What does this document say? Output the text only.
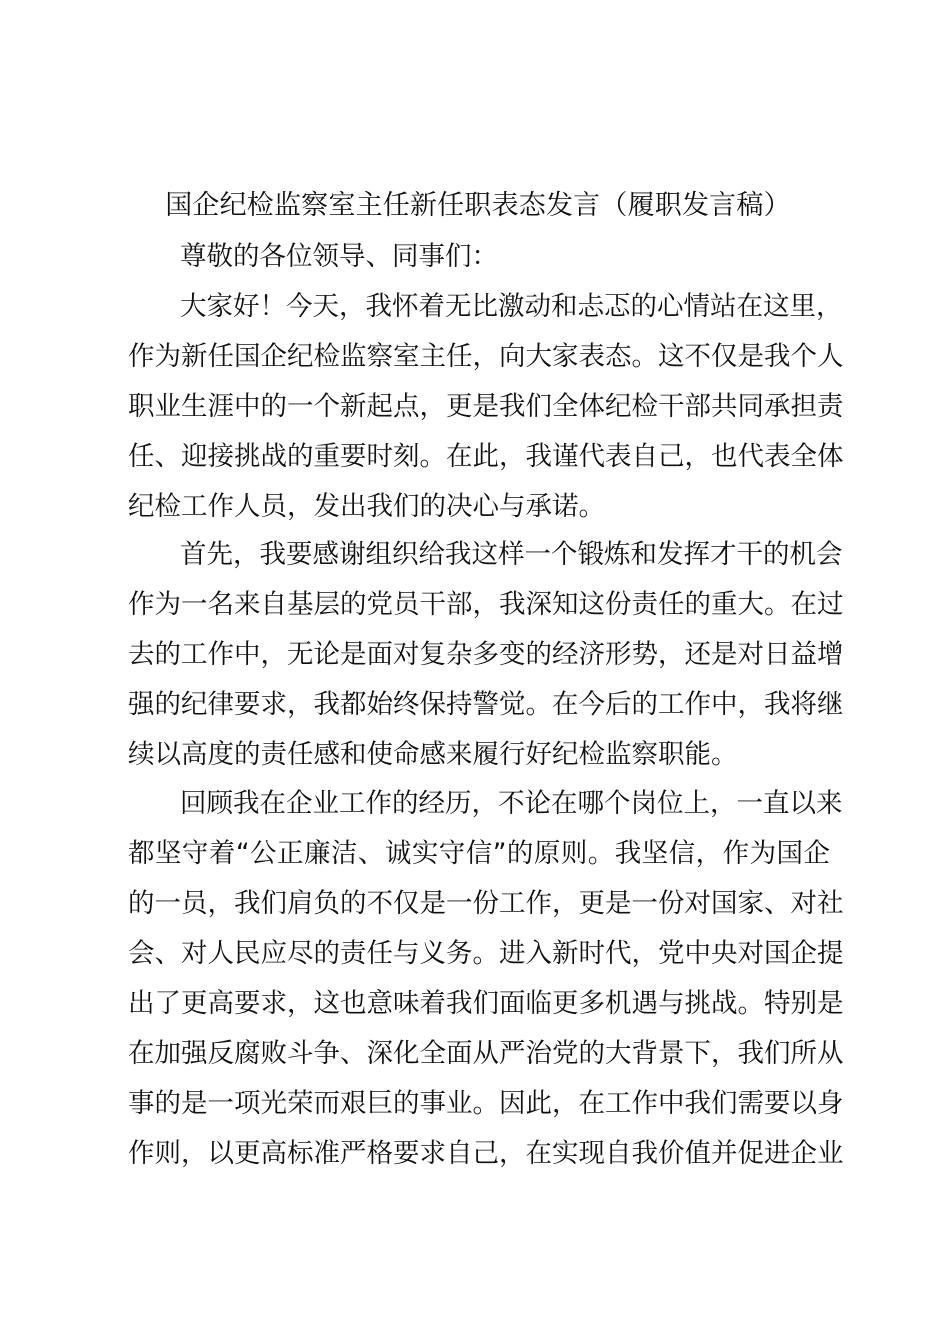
国企纪检监察室主任新任职表态发言（履职发言稿）
尊敬的各位领导、同事们：
大家好！今天，我怀着无比激动和忐忑的心情站在这里，
作为新任国企纪检监察室主任，向大家表态。这不仅是我个人
职业生涯中的一个新起点，更是我们全体纪检干部共同承担责
任、迎接挑战的重要时刻。在此，我谨代表自己，也代表全体
纪检工作人员，发出我们的决心与承诺。
首先，我要感谢组织给我这样一个锻炼和发挥才干的机会
作为一名来自基层的党员干部，我深知这份责任的重大。在过
去的工作中，无论是面对复杂多变的经济形势，还是对日益增
强的纪律要求，我都始终保持警觉。在今后的工作中，我将继
续以高度的责任感和使命感来履行好纪检监察职能。
回顾我在企业工作的经历，不论在哪个岗位上，一直以来
都坚守着“公正廉洁、诚实守信”的原则。我坚信，作为国企
的一员，我们肩负的不仅是一份工作，更是一份对国家、对社
会、对人民应尽的责任与义务。进入新时代，党中央对国企提
出了更高要求，这也意味着我们面临更多机遇与挑战。特别是
在加强反腐败斗争、深化全面从严治党的大背景下，我们所从
事的是一项光荣而艰巨的事业。因此，在工作中我们需要以身
作则，以更高标准严格要求自己，在实现自我价值并促进企业
